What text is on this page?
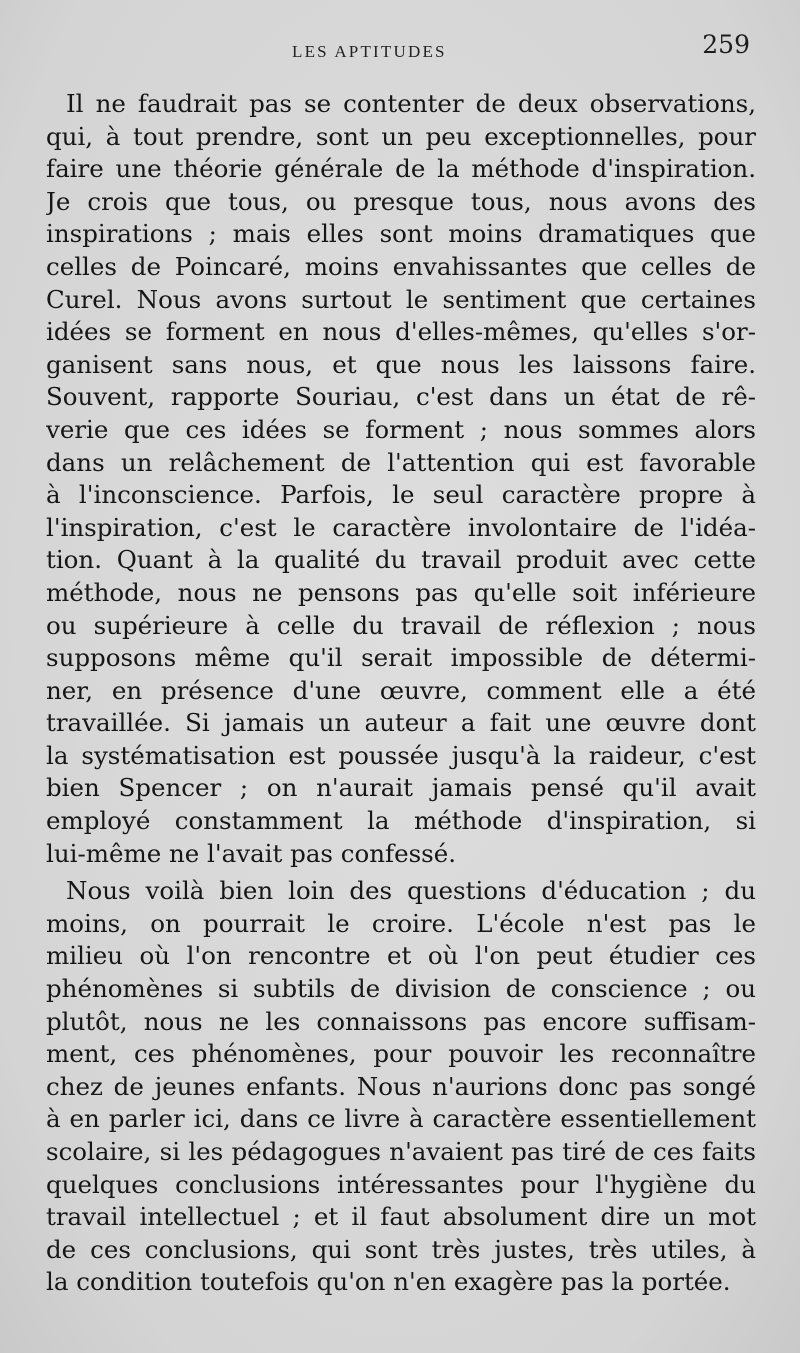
LES APTITUDES	259
Il ne faudrait pas se contenter de deux observations,
qui, à tout prendre, sont un peu exceptionnelles, pour
faire une théorie générale de la méthode d'inspiration.
Je crois que tous, ou presque tous, nous avons des
inspirations ; mais elles sont moins dramatiques que
celles de Poincaré, moins envahissantes que celles de
Curel. Nous avons surtout le sentiment que certaines
idées se forment en nous d'elles-mêmes, qu'elles s'or-
ganisent sans nous, et que nous les laissons faire.
Souvent, rapporte Souriau, c'est dans un état de rê-
verie que ces idées se forment ; nous sommes alors
dans un relâchement de l'attention qui est favorable
à l'inconscience. Parfois, le seul caractère propre à
l'inspiration, c'est le caractère involontaire de l'idéa-
tion. Quant à la qualité du travail produit avec cette
méthode, nous ne pensons pas qu'elle soit inférieure
ou supérieure à celle du travail de réflexion ; nous
supposons même qu'il serait impossible de détermi-
ner, en présence d'une œuvre, comment elle a été
travaillée. Si jamais un auteur a fait une œuvre dont
la systématisation est poussée jusqu'à la raideur, c'est
bien Spencer ; on n'aurait jamais pensé qu'il avait
employé constamment la méthode d'inspiration, si
lui-même ne l'avait pas confessé.
Nous voilà bien loin des questions d'éducation ; du
moins, on pourrait le croire. L'école n'est pas le
milieu où l'on rencontre et où l'on peut étudier ces
phénomènes si subtils de division de conscience ; ou
plutôt, nous ne les connaissons pas encore suffisam-
ment, ces phénomènes, pour pouvoir les reconnaître
chez de jeunes enfants. Nous n'aurions donc pas songé
à en parler ici, dans ce livre à caractère essentiellement
scolaire, si les pédagogues n'avaient pas tiré de ces faits
quelques conclusions intéressantes pour l'hygiène du
travail intellectuel ; et il faut absolument dire un mot
de ces conclusions, qui sont très justes, très utiles, à
la condition toutefois qu'on n'en exagère pas la portée.
